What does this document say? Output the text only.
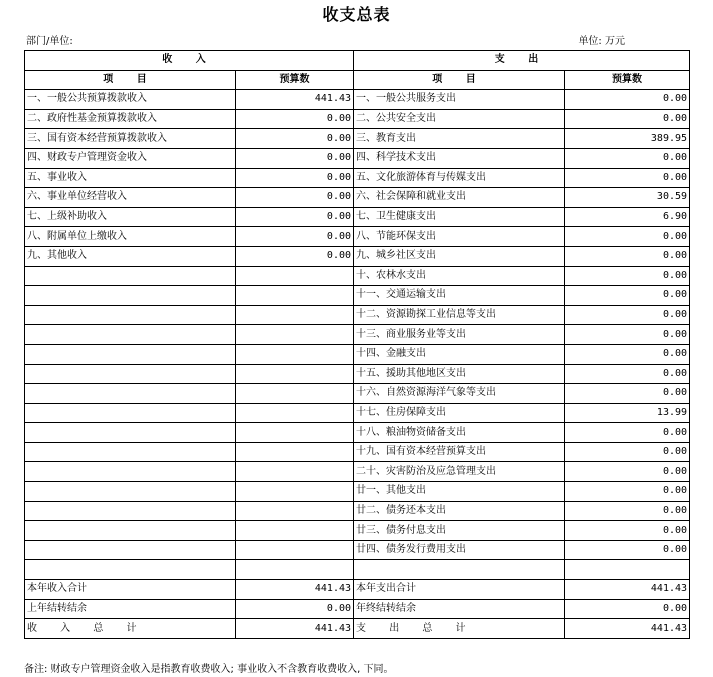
收支总表
部门/单位:	单位: 万元
收 入		支 出	
项 目	预算数	项 目	预算数
一、一般公共预算拨款收入	441.43	一、一般公共服务支出	0.00
二、政府性基金预算拨款收入	0.00	二、公共安全支出	0.00
三、国有资本经营预算拨款收入	0.00	三、教育支出	389.95
四、财政专户管理资金收入	0.00	四、科学技术支出	0.00
五、事业收入	0.00	五、文化旅游体育与传媒支出	0.00
六、事业单位经营收入	0.00	六、社会保障和就业支出	30.59
七、上级补助收入	0.00	七、卫生健康支出	6.90
八、附属单位上缴收入	0.00	八、节能环保支出	0.00
九、其他收入	0.00	九、城乡社区支出	0.00
		十、农林水支出	0.00
		十一、交通运输支出	0.00
		十二、资源勘探工业信息等支出	0.00
		十三、商业服务业等支出	0.00
		十四、金融支出	0.00
		十五、援助其他地区支出	0.00
		十六、自然资源海洋气象等支出	0.00
		十七、住房保障支出	13.99
		十八、粮油物资储备支出	0.00
		十九、国有资本经营预算支出	0.00
		二十、灾害防治及应急管理支出	0.00
		廿一、其他支出	0.00
		廿二、债务还本支出	0.00
		廿三、债务付息支出	0.00
		廿四、债务发行费用支出	0.00

本年收入合计	441.43	本年支出合计	441.43
上年结转结余	0.00	年终结转结余	0.00
收 入 总 计	441.43	支 出 总 计	441.43
备注: 财政专户管理资金收入是指教育收费收入; 事业收入不含教育收费收入, 下同。
